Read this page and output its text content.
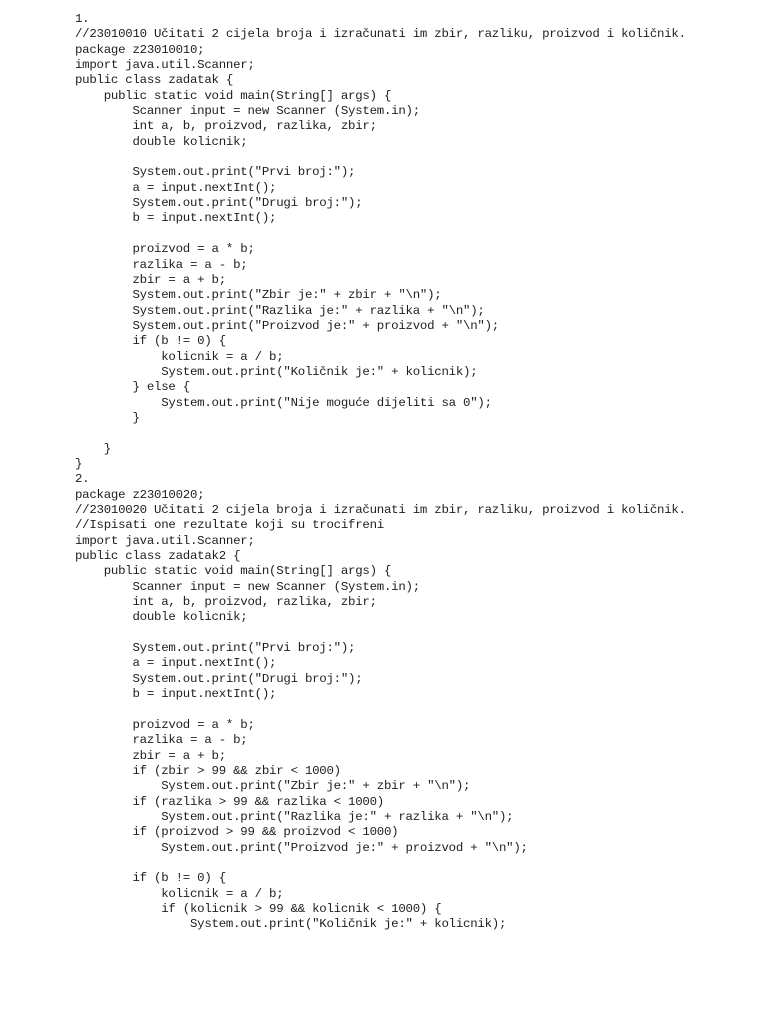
1.
//23010010 Učitati 2 cijela broja i izračunati im zbir, razliku, proizvod i količnik.
package z23010010;
import java.util.Scanner;
public class zadatak {
public static void main(String[] args) {
Scanner input = new Scanner (System.in);
int a, b, proizvod, razlika, zbir;
double kolicnik;
System.out.print("Prvi broj:");
a = input.nextInt();
System.out.print("Drugi broj:");
b = input.nextInt();
proizvod = a * b;
razlika = a - b;
zbir = a + b;
System.out.print("Zbir je:" + zbir + "\n");
System.out.print("Razlika je:" + razlika + "\n");
System.out.print("Proizvod je:" + proizvod + "\n");
if (b != 0) {
kolicnik = a / b;
System.out.print("Količnik je:" + kolicnik);
} else {
System.out.print("Nije moguće dijeliti sa 0");
}
}
}
2.
package z23010020;
//23010020 Učitati 2 cijela broja i izračunati im zbir, razliku, proizvod i količnik.
//Ispisati one rezultate koji su trocifreni
import java.util.Scanner;
public class zadatak2 {
public static void main(String[] args) {
Scanner input = new Scanner (System.in);
int a, b, proizvod, razlika, zbir;
double kolicnik;
System.out.print("Prvi broj:");
a = input.nextInt();
System.out.print("Drugi broj:");
b = input.nextInt();
proizvod = a * b;
razlika = a - b;
zbir = a + b;
if (zbir > 99 && zbir < 1000)
System.out.print("Zbir je:" + zbir + "\n");
if (razlika > 99 && razlika < 1000)
System.out.print("Razlika je:" + razlika + "\n");
if (proizvod > 99 && proizvod < 1000)
System.out.print("Proizvod je:" + proizvod + "\n");
if (b != 0) {
kolicnik = a / b;
if (kolicnik > 99 && kolicnik < 1000) {
System.out.print("Količnik je:" + kolicnik);
